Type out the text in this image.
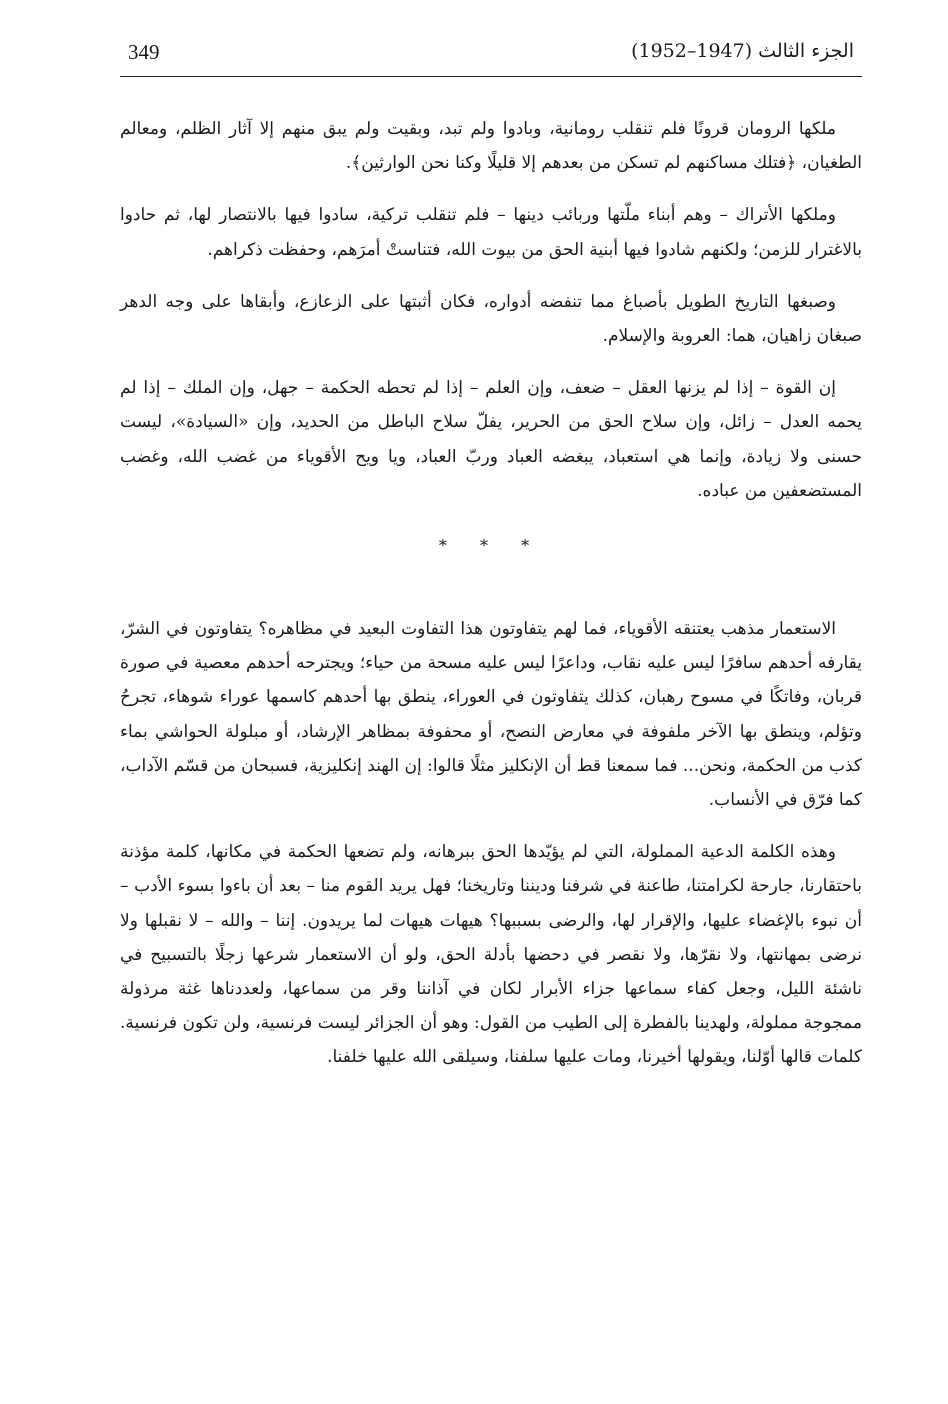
349	الجزء الثالث (1947–1952)

ملكها الرومان قرونًا فلم تنقلب رومانية، وبادوا ولم تبد، وبقيت ولم يبق منهم إلا آثار الظلم، ومعالم الطغيان، ﴿فتلك مساكنهم لم تسكن من بعدهم إلا قليلًا وكنا نحن الوارثين﴾.

وملكها الأتراك – وهم أبناء ملّتها وربائب دينها – فلم تنقلب تركية، سادوا فيها بالانتصار لها، ثم حادوا بالاغترار للزمن؛ ولكنهم شادوا فيها أبنية الحق من بيوت الله، فتناستْ أمرَهم، وحفظت ذكراهم.

وصبغها التاريخ الطويل بأصباغ مما تنفضه أدواره، فكان أثبتها على الزعازع، وأبقاها على وجه الدهر صبغان زاهيان، هما: العروبة والإسلام.

إن القوة – إذا لم يزنها العقل – ضعف، وإن العلم – إذا لم تحطه الحكمة – جهل، وإن الملك – إذا لم يحمه العدل – زائل، وإن سلاح الحق من الحرير، يفلّ سلاح الباطل من الحديد، وإن «السيادة»، ليست حسنى ولا زيادة، وإنما هي استعباد، يبغضه العباد وربّ العباد، ويا ويح الأقوياء من غضب الله، وغضب المستضعفين من عباده.

* * *

الاستعمار مذهب يعتنقه الأقوياء، فما لهم يتفاوتون هذا التفاوت البعيد في مظاهره؟ يتفاوتون في الشرّ، يقارفه أحدهم سافرًا ليس عليه نقاب، وداعرًا ليس عليه مسحة من حياء؛ ويجترحه أحدهم معصية في صورة قربان، وفاتكًا في مسوح رهبان، كذلك يتفاوتون في العوراء، ينطق بها أحدهم كاسمها عوراء شوهاء، تجرحُ وتؤلم، وينطق بها الآخر ملفوفة في معارض النصح، أو محفوفة بمظاهر الإرشاد، أو مبلولة الحواشي بماء كذب من الحكمة، ونحن... فما سمعنا قط أن الإنكليز مثلًا قالوا: إن الهند إنكليزية، فسبحان من قسّم الآداب، كما فرّق في الأنساب.

وهذه الكلمة الدعية المملولة، التي لم يؤيّدها الحق ببرهانه، ولم تضعها الحكمة في مكانها، كلمة مؤذنة باحتقارنا، جارحة لكرامتنا، طاعنة في شرفنا وديننا وتاريخنا؛ فهل يريد القوم منا – بعد أن باءوا بسوء الأدب – أن نبوء بالإغضاء عليها، والإقرار لها، والرضى بسببها؟ هيهات هيهات لما يريدون. إننا – والله – لا نقبلها ولا نرضى بمهانتها، ولا نقرّها، ولا نقصر في دحضها بأدلة الحق، ولو أن الاستعمار شرعها زجلًا بالتسبيح في ناشئة الليل، وجعل كفاء سماعها جزاء الأبرار لكان في آذاننا وقر من سماعها، ولعددناها غثة مرذولة ممجوجة مملولة، ولهدينا بالفطرة إلى الطيب من القول: وهو أن الجزائر ليست فرنسية، ولن تكون فرنسية. كلمات قالها أوّلنا، ويقولها أخيرنا، ومات عليها سلفنا، وسيلقى الله عليها خلفنا.
